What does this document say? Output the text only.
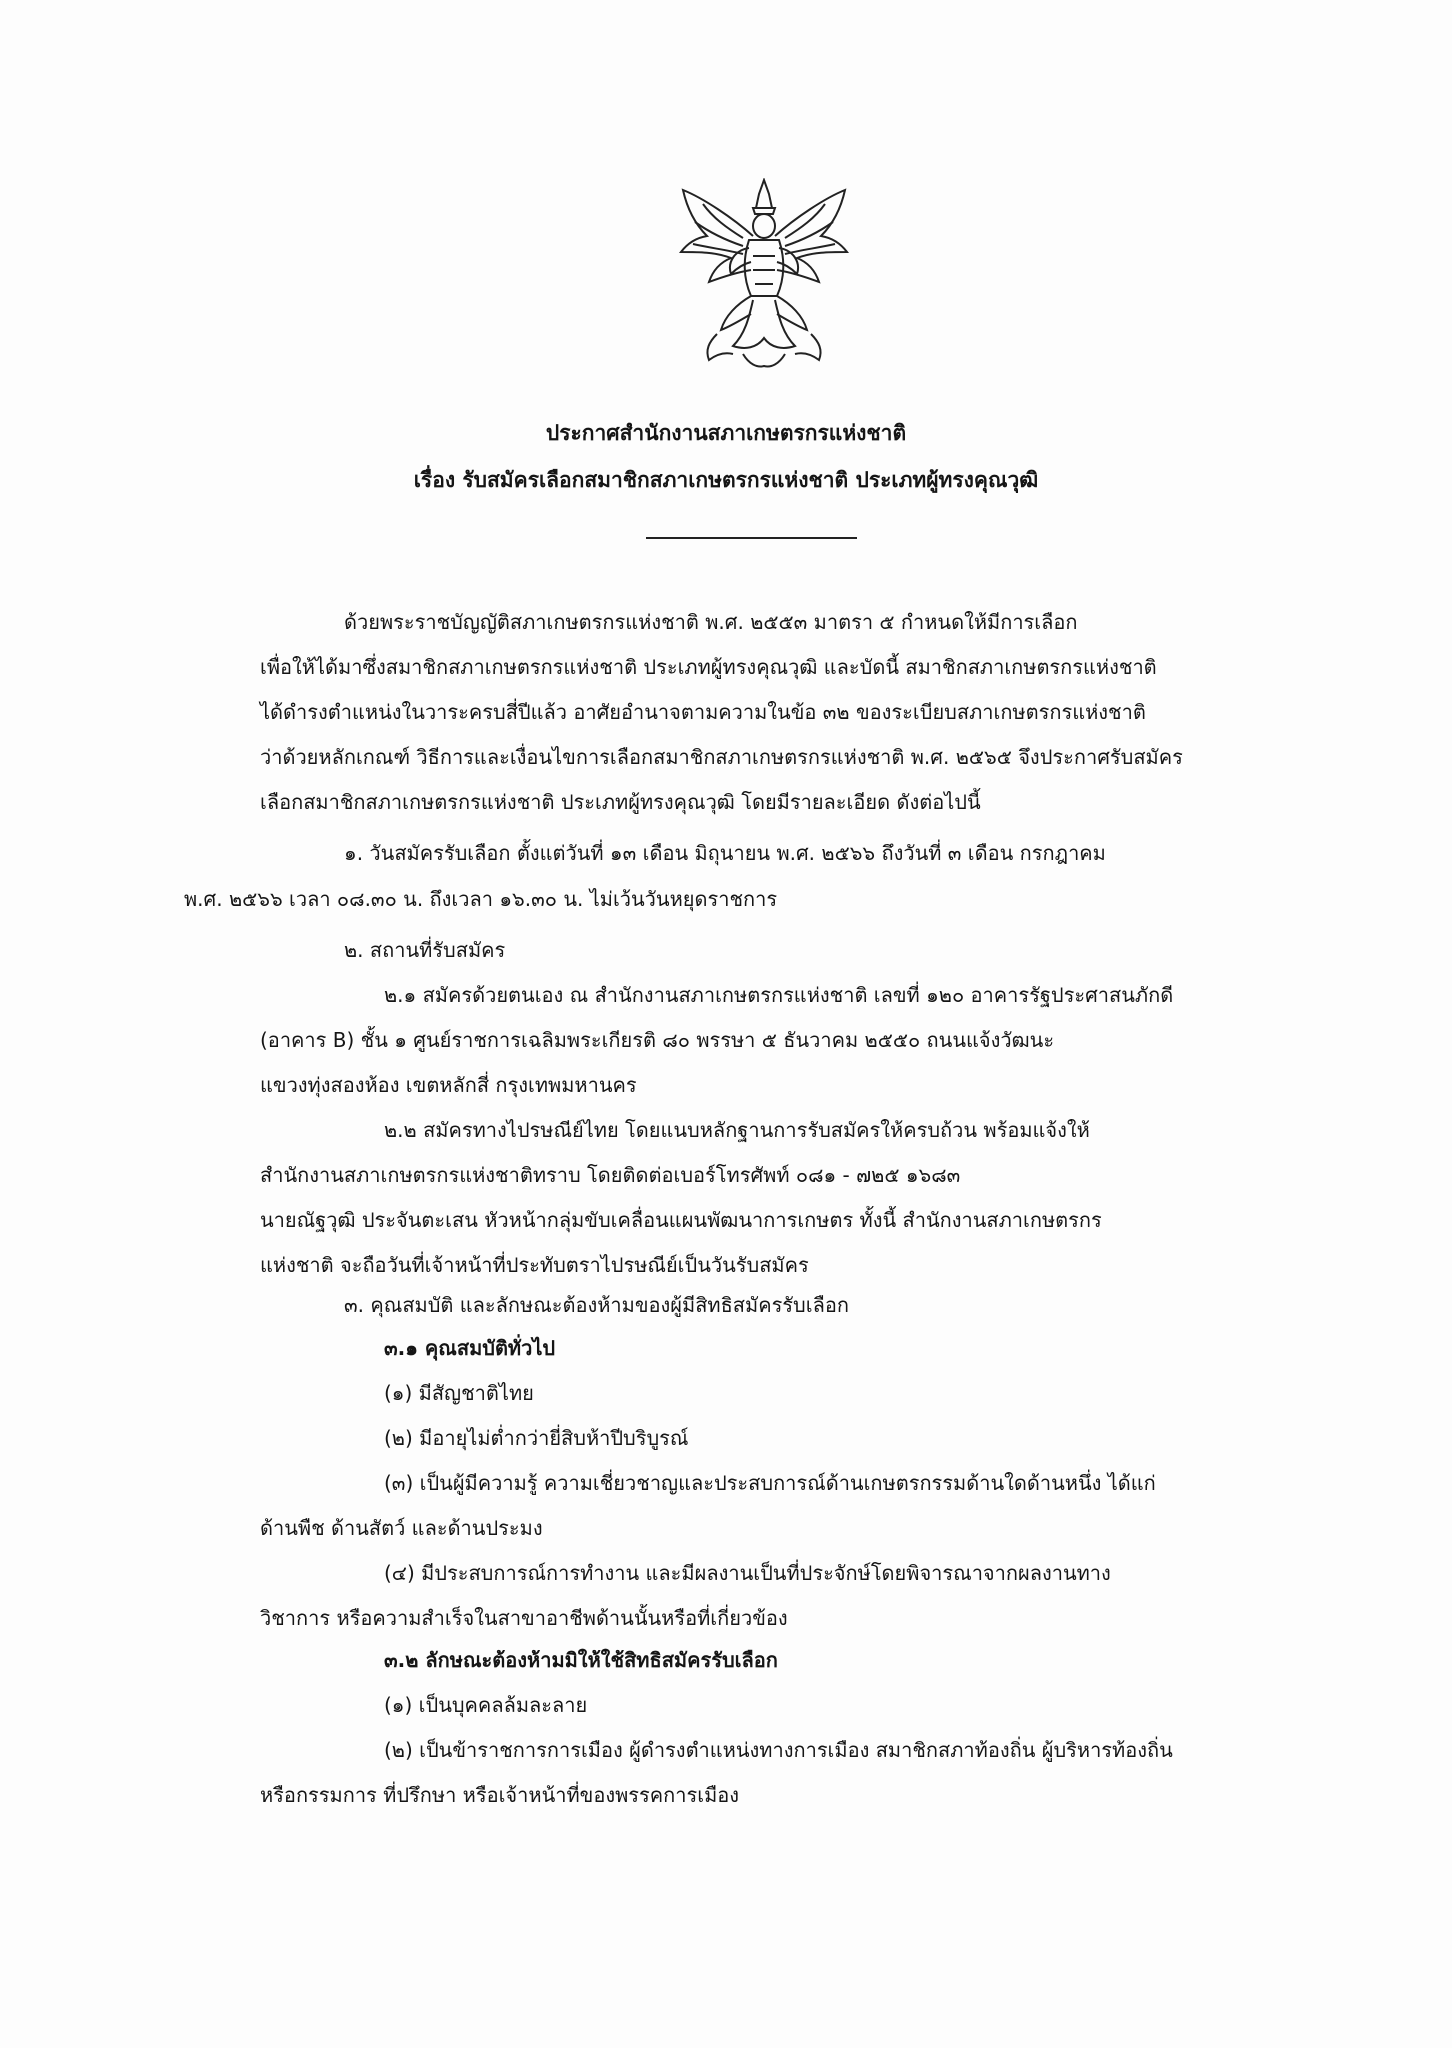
ประกาศสำนักงานสภาเกษตรกรแห่งชาติ
เรื่อง รับสมัครเลือกสมาชิกสภาเกษตรกรแห่งชาติ ประเภทผู้ทรงคุณวุฒิ
ด้วยพระราชบัญญัติสภาเกษตรกรแห่งชาติ พ.ศ. ๒๕๕๓ มาตรา ๕ กำหนดให้มีการเลือก
เพื่อให้ได้มาซึ่งสมาชิกสภาเกษตรกรแห่งชาติ ประเภทผู้ทรงคุณวุฒิ และบัดนี้ สมาชิกสภาเกษตรกรแห่งชาติ
ได้ดำรงตำแหน่งในวาระครบสี่ปีแล้ว อาศัยอำนาจตามความในข้อ ๓๒ ของระเบียบสภาเกษตรกรแห่งชาติ
ว่าด้วยหลักเกณฑ์ วิธีการและเงื่อนไขการเลือกสมาชิกสภาเกษตรกรแห่งชาติ พ.ศ. ๒๕๖๕ จึงประกาศรับสมัคร
เลือกสมาชิกสภาเกษตรกรแห่งชาติ ประเภทผู้ทรงคุณวุฒิ โดยมีรายละเอียด ดังต่อไปนี้
๑. วันสมัครรับเลือก ตั้งแต่วันที่ ๑๓ เดือน มิถุนายน พ.ศ. ๒๕๖๖ ถึงวันที่ ๓ เดือน กรกฎาคม
พ.ศ. ๒๕๖๖ เวลา ๐๘.๓๐ น. ถึงเวลา ๑๖.๓๐ น. ไม่เว้นวันหยุดราชการ
๒. สถานที่รับสมัคร
๒.๑ สมัครด้วยตนเอง ณ สำนักงานสภาเกษตรกรแห่งชาติ เลขที่ ๑๒๐ อาคารรัฐประศาสนภักดี
(อาคาร B) ชั้น ๑ ศูนย์ราชการเฉลิมพระเกียรติ ๘๐ พรรษา ๕ ธันวาคม ๒๕๕๐ ถนนแจ้งวัฒนะ
แขวงทุ่งสองห้อง เขตหลักสี่ กรุงเทพมหานคร
๒.๒ สมัครทางไปรษณีย์ไทย โดยแนบหลักฐานการรับสมัครให้ครบถ้วน พร้อมแจ้งให้
สำนักงานสภาเกษตรกรแห่งชาติทราบ โดยติดต่อเบอร์โทรศัพท์ ๐๘๑ - ๗๒๕ ๑๖๘๓
นายณัฐวุฒิ ประจันตะเสน หัวหน้ากลุ่มขับเคลื่อนแผนพัฒนาการเกษตร ทั้งนี้ สำนักงานสภาเกษตรกร
แห่งชาติ จะถือวันที่เจ้าหน้าที่ประทับตราไปรษณีย์เป็นวันรับสมัคร
๓. คุณสมบัติ และลักษณะต้องห้ามของผู้มีสิทธิสมัครรับเลือก
๓.๑ คุณสมบัติทั่วไป
(๑) มีสัญชาติไทย
(๒) มีอายุไม่ต่ำกว่ายี่สิบห้าปีบริบูรณ์
(๓) เป็นผู้มีความรู้ ความเชี่ยวชาญและประสบการณ์ด้านเกษตรกรรมด้านใดด้านหนึ่ง ได้แก่
ด้านพืช ด้านสัตว์ และด้านประมง
(๔) มีประสบการณ์การทำงาน และมีผลงานเป็นที่ประจักษ์โดยพิจารณาจากผลงานทาง
วิชาการ หรือความสำเร็จในสาขาอาชีพด้านนั้นหรือที่เกี่ยวข้อง
๓.๒ ลักษณะต้องห้ามมิให้ใช้สิทธิสมัครรับเลือก
(๑) เป็นบุคคลล้มละลาย
(๒) เป็นข้าราชการการเมือง ผู้ดำรงตำแหน่งทางการเมือง สมาชิกสภาท้องถิ่น ผู้บริหารท้องถิ่น
หรือกรรมการ ที่ปรึกษา หรือเจ้าหน้าที่ของพรรคการเมือง
